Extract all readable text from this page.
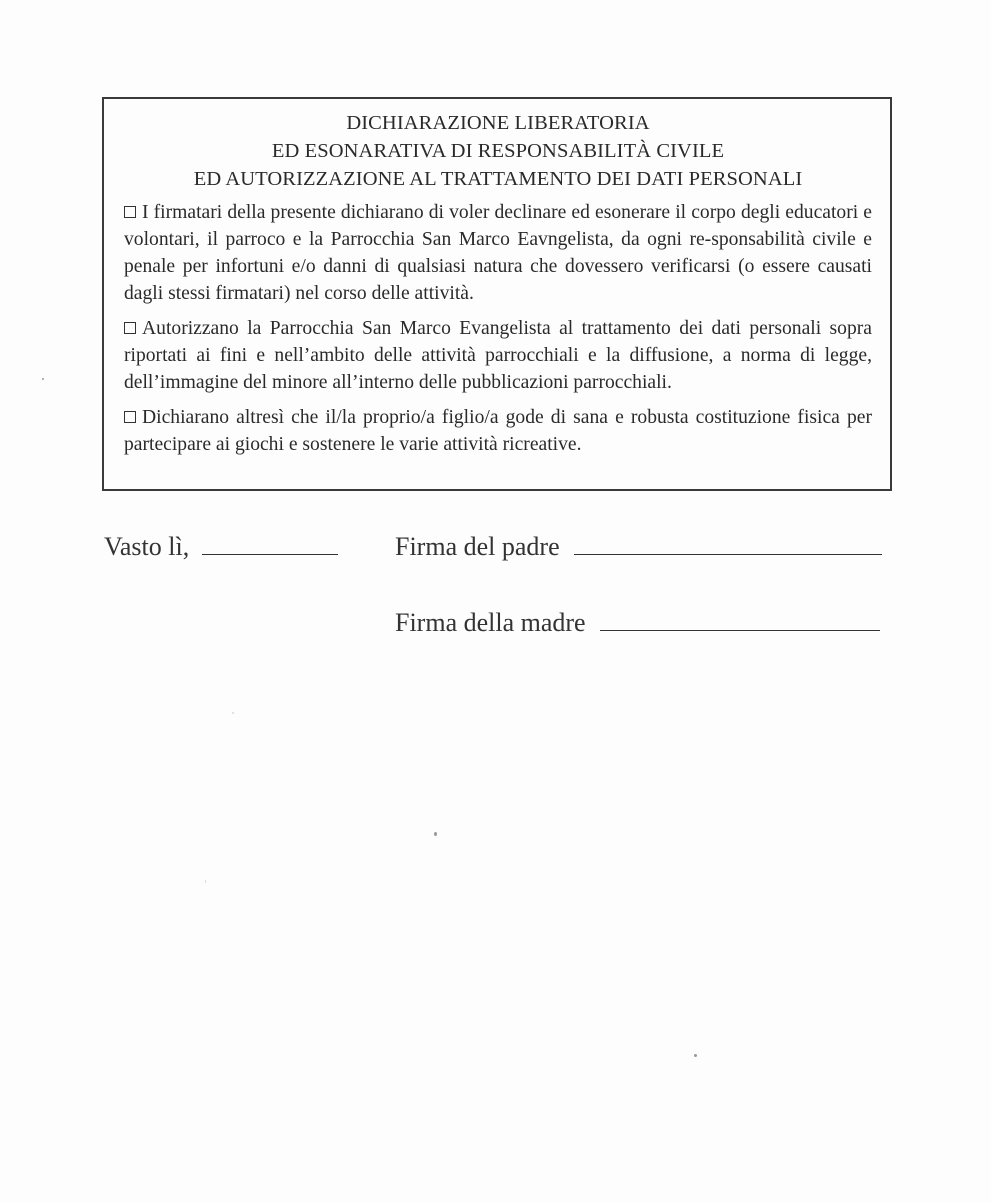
DICHIARAZIONE LIBERATORIA
ED ESONARATIVA DI RESPONSABILITÀ CIVILE
ED AUTORIZZAZIONE AL TRATTAMENTO DEI DATI PERSONALI

I firmatari della presente dichiarano di voler declinare ed esonerare il corpo degli educatori e volontari, il parroco e la Parrocchia San Marco Eavngelista, da ogni re-sponsabilità civile e penale per infortuni e/o danni di qualsiasi natura che dovessero verificarsi (o essere causati dagli stessi firmatari) nel corso delle attività.

Autorizzano la Parrocchia San Marco Evangelista al trattamento dei dati personali sopra riportati ai fini e nell’ambito delle attività parrocchiali e la diffusione, a norma di legge, dell’immagine del minore all’interno delle pubblicazioni parrocchiali.

Dichiarano altresì che il/la proprio/a figlio/a gode di sana e robusta costituzione fisica per partecipare ai giochi e sostenere le varie attività ricreative.

Vasto lì,	Firma del padre
Firma della madre
